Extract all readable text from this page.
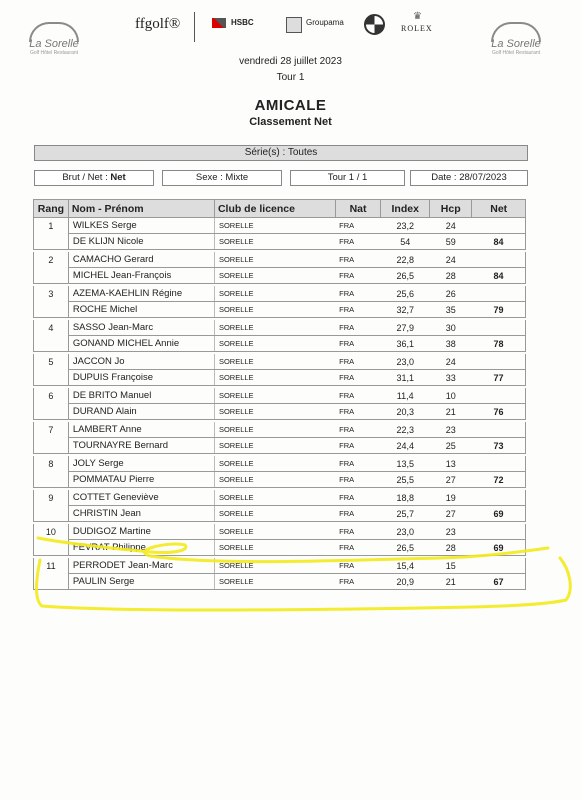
La Sorelle
Golf Hôtel Restaurant
La Sorelle
Golf Hôtel Restaurant
ffgolf®	HSBC	Groupama
♛
ROLEX
vendredi 28 juillet 2023
Tour 1
AMICALE
Classement Net
Série(s) : Toutes
Brut / Net : Net	Sexe : Mixte	Tour 1 / 1	Date : 28/07/2023
Rang	Nom - Prénom	Club de licence	Nat	Index	Hcp	Net
1	WILKES Serge	SORELLE	FRA	23,2	24	
	DE KLIJN Nicole	SORELLE	FRA	54	59	84

2	CAMACHO Gerard	SORELLE	FRA	22,8	24	
	MICHEL Jean-François	SORELLE	FRA	26,5	28	84

3	AZEMA-KAEHLIN Régine	SORELLE	FRA	25,6	26	
	ROCHE Michel	SORELLE	FRA	32,7	35	79

4	SASSO Jean-Marc	SORELLE	FRA	27,9	30	
	GONAND MICHEL Annie	SORELLE	FRA	36,1	38	78

5	JACCON Jo	SORELLE	FRA	23,0	24	
	DUPUIS Françoise	SORELLE	FRA	31,1	33	77

6	DE BRITO Manuel	SORELLE	FRA	11,4	10	
	DURAND Alain	SORELLE	FRA	20,3	21	76

7	LAMBERT Anne	SORELLE	FRA	22,3	23	
	TOURNAYRE Bernard	SORELLE	FRA	24,4	25	73

8	JOLY Serge	SORELLE	FRA	13,5	13	
	POMMATAU Pierre	SORELLE	FRA	25,5	27	72

9	COTTET Geneviève	SORELLE	FRA	18,8	19	
	CHRISTIN Jean	SORELLE	FRA	25,7	27	69

10	DUDIGOZ Martine	SORELLE	FRA	23,0	23	
	FEVRAT Philippe	SORELLE	FRA	26,5	28	69

11	PERRODET Jean-Marc	SORELLE	FRA	15,4	15	
	PAULIN Serge	SORELLE	FRA	20,9	21	67
